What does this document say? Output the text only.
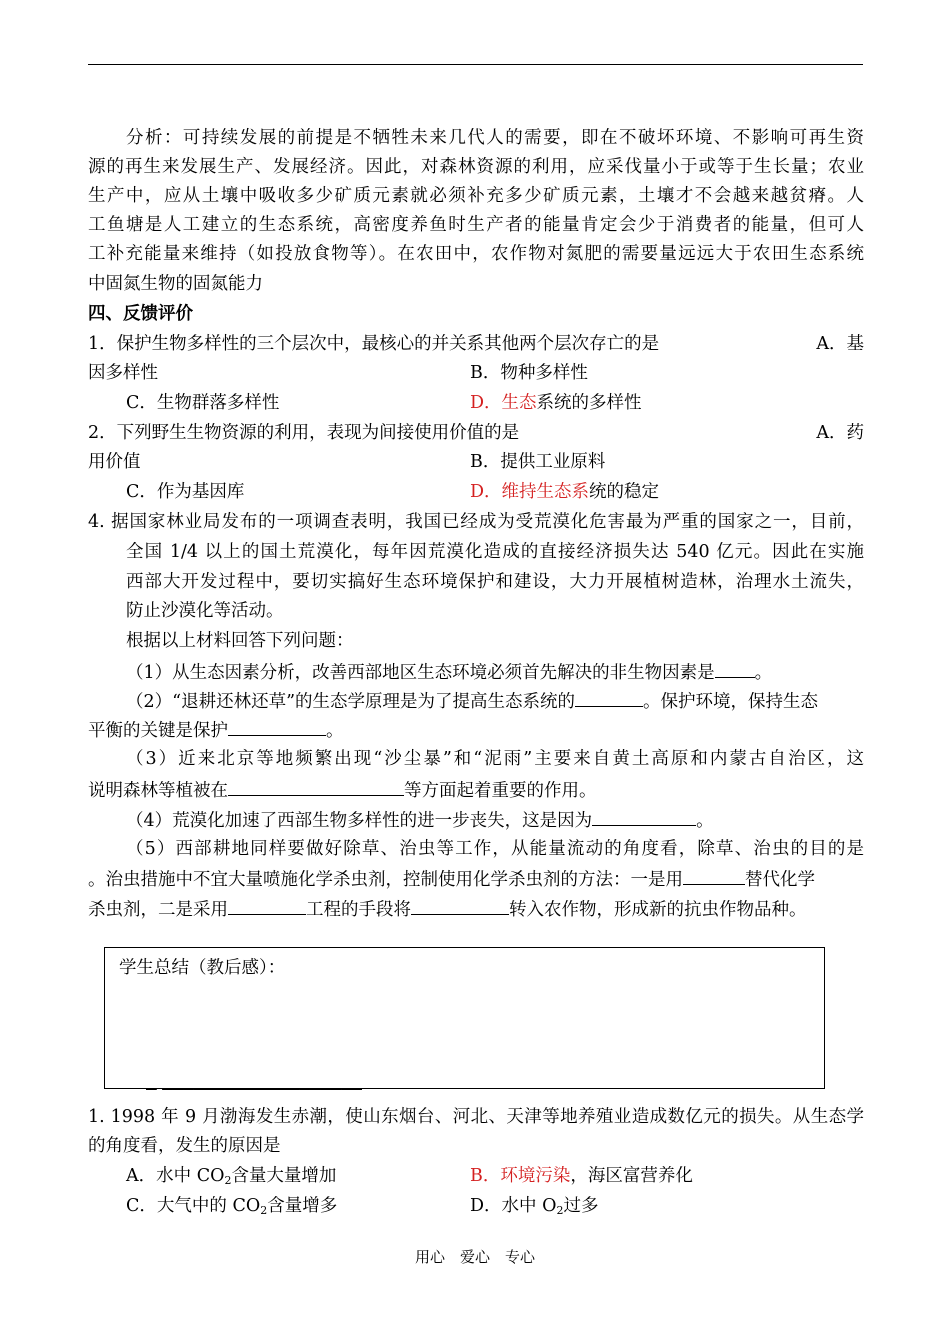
分析：可持续发展的前提是不牺牲未来几代人的需要，即在不破坏环境、不影响可再生资
源的再生来发展生产、发展经济。因此，对森林资源的利用，应采伐量小于或等于生长量；农业
生产中，应从土壤中吸收多少矿质元素就必须补充多少矿质元素，土壤才不会越来越贫瘠。人
工鱼塘是人工建立的生态系统，高密度养鱼时生产者的能量肯定会少于消费者的能量，但可人
工补充能量来维持（如投放食物等）。在农田中，农作物对氮肥的需要量远远大于农田生态系统
中固氮生物的固氮能力
四、反馈评价
1．保护生物多样性的三个层次中，最核心的并关系其他两个层次存亡的是	A．基
因多样性	B．物种多样性
C．生物群落多样性	D．生态系统的多样性
2．下列野生生物资源的利用，表现为间接使用价值的是	A．药
用价值	B．提供工业原料
C．作为基因库	D．维持生态系统的稳定
4. 据国家林业局发布的一项调查表明，我国已经成为受荒漠化危害最为严重的国家之一，目前，
全国 1/4 以上的国土荒漠化，每年因荒漠化造成的直接经济损失达 540 亿元。因此在实施
西部大开发过程中，要切实搞好生态环境保护和建设，大力开展植树造林，治理水土流失，
防止沙漠化等活动。
根据以上材料回答下列问题：
（1）从生态因素分析，改善西部地区生态环境必须首先解决的非生物因素是 。
（2）“退耕还林还草”的生态学原理是为了提高生态系统的	。保护环境，保持生态
平衡的关键是保护	。
（3）近来北京等地频繁出现“沙尘暴”和“泥雨”主要来自黄土高原和内蒙古自治区，这
说明森林等植被在	等方面起着重要的作用。
（4）荒漠化加速了西部生物多样性的进一步丧失，这是因为	。
（5）西部耕地同样要做好除草、治虫等工作，从能量流动的角度看，除草、治虫的目的是
。治虫措施中不宜大量喷施化学杀虫剂，控制使用化学杀虫剂的方法：一是用	替代化学
杀虫剂，二是采用	工程的手段将	转入农作物，形成新的抗虫作物品种。
学生总结（教后感）：
1. 1998 年 9 月渤海发生赤潮，使山东烟台、河北、天津等地养殖业造成数亿元的损失。从生态学
的角度看，发生的原因是
A．水中 $CO_2$含量大量增加	B．环境污染，海区富营养化
C．大气中的 $CO_2$含量增多	D．水中 $O_2$过多
用心　爱心　专心
